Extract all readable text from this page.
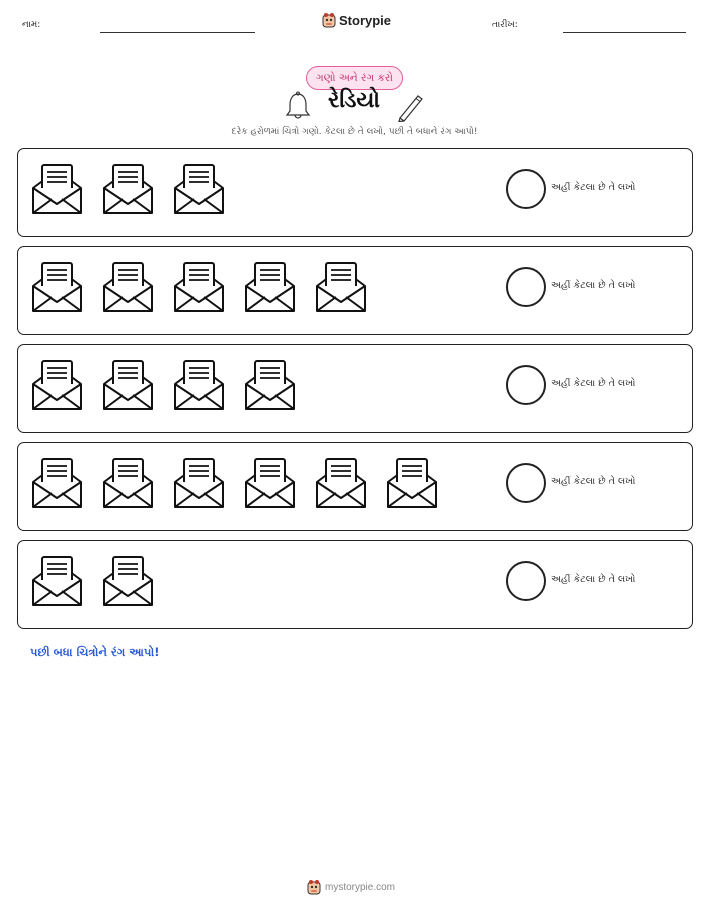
નામ:	Storypie	તારીખ:
ગણો અને રંગ કરો
રેડિયો
દરેક હરોળમાં ચિત્રો ગણો. કેટલા છે તે લખો, પછી તે બધાને રંગ આપો!
અહીં કેટલા છે તે લખો
અહીં કેટલા છે તે લખો
અહીં કેટલા છે તે લખો
અહીં કેટલા છે તે લખો
અહીં કેટલા છે તે લખો
પછી બધા ચિત્રોને રંગ આપો!
mystorypie.com
